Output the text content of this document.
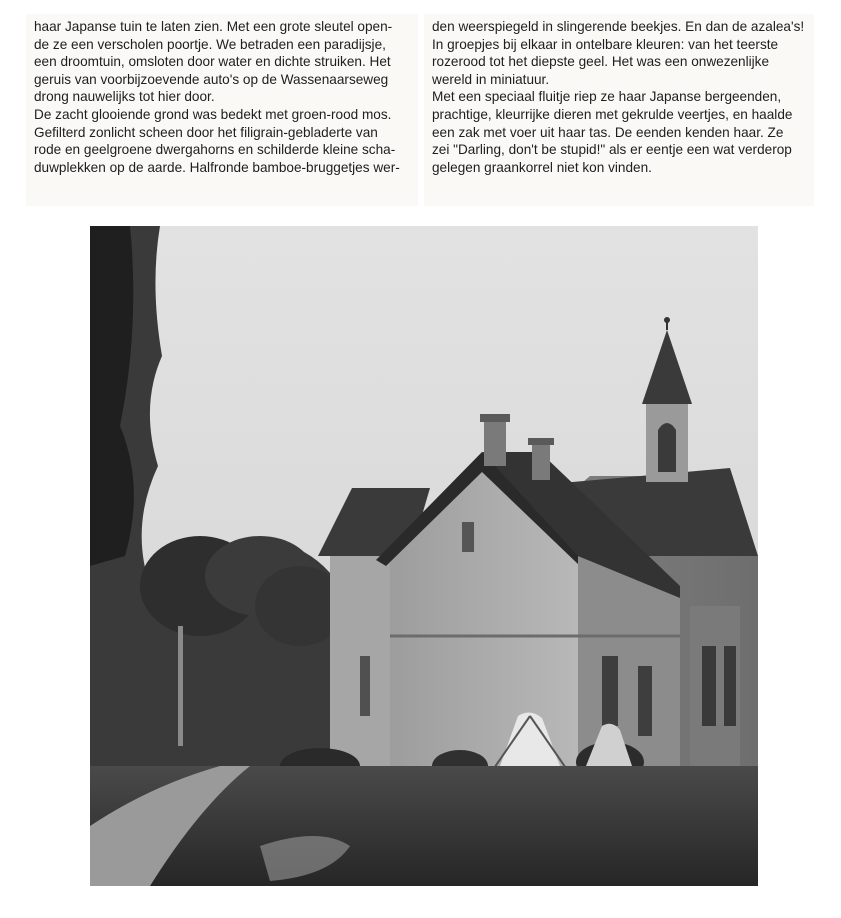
haar Japanse tuin te laten zien. Met een grote sleutel open-
de ze een verscholen poortje. We betraden een paradijsje,
een droomtuin, omsloten door water en dichte struiken. Het
geruis van voorbijzoevende auto's op de Wassenaarseweg
drong nauwelijks tot hier door.

De zacht glooiende grond was bedekt met groen-rood mos.
Gefilterd zonlicht scheen door het filigrain-gebladerte van
rode en geelgroene dwergahorns en schilderde kleine scha-
duwplekken op de aarde. Halfronde bamboe-bruggetjes wer-

den weerspiegeld in slingerende beekjes. En dan de azalea's!
In groepjes bij elkaar in ontelbare kleuren: van het teerste
rozerood tot het diepste geel. Het was een onwezenlijke
wereld in miniatuur.

Met een speciaal fluitje riep ze haar Japanse bergeenden,
prachtige, kleurrijke dieren met gekrulde veertjes, en haalde
een zak met voer uit haar tas. De eenden kenden haar. Ze
zei "Darling, don't be stupid!" als er eentje een wat verderop
gelegen graankorrel niet kon vinden.
